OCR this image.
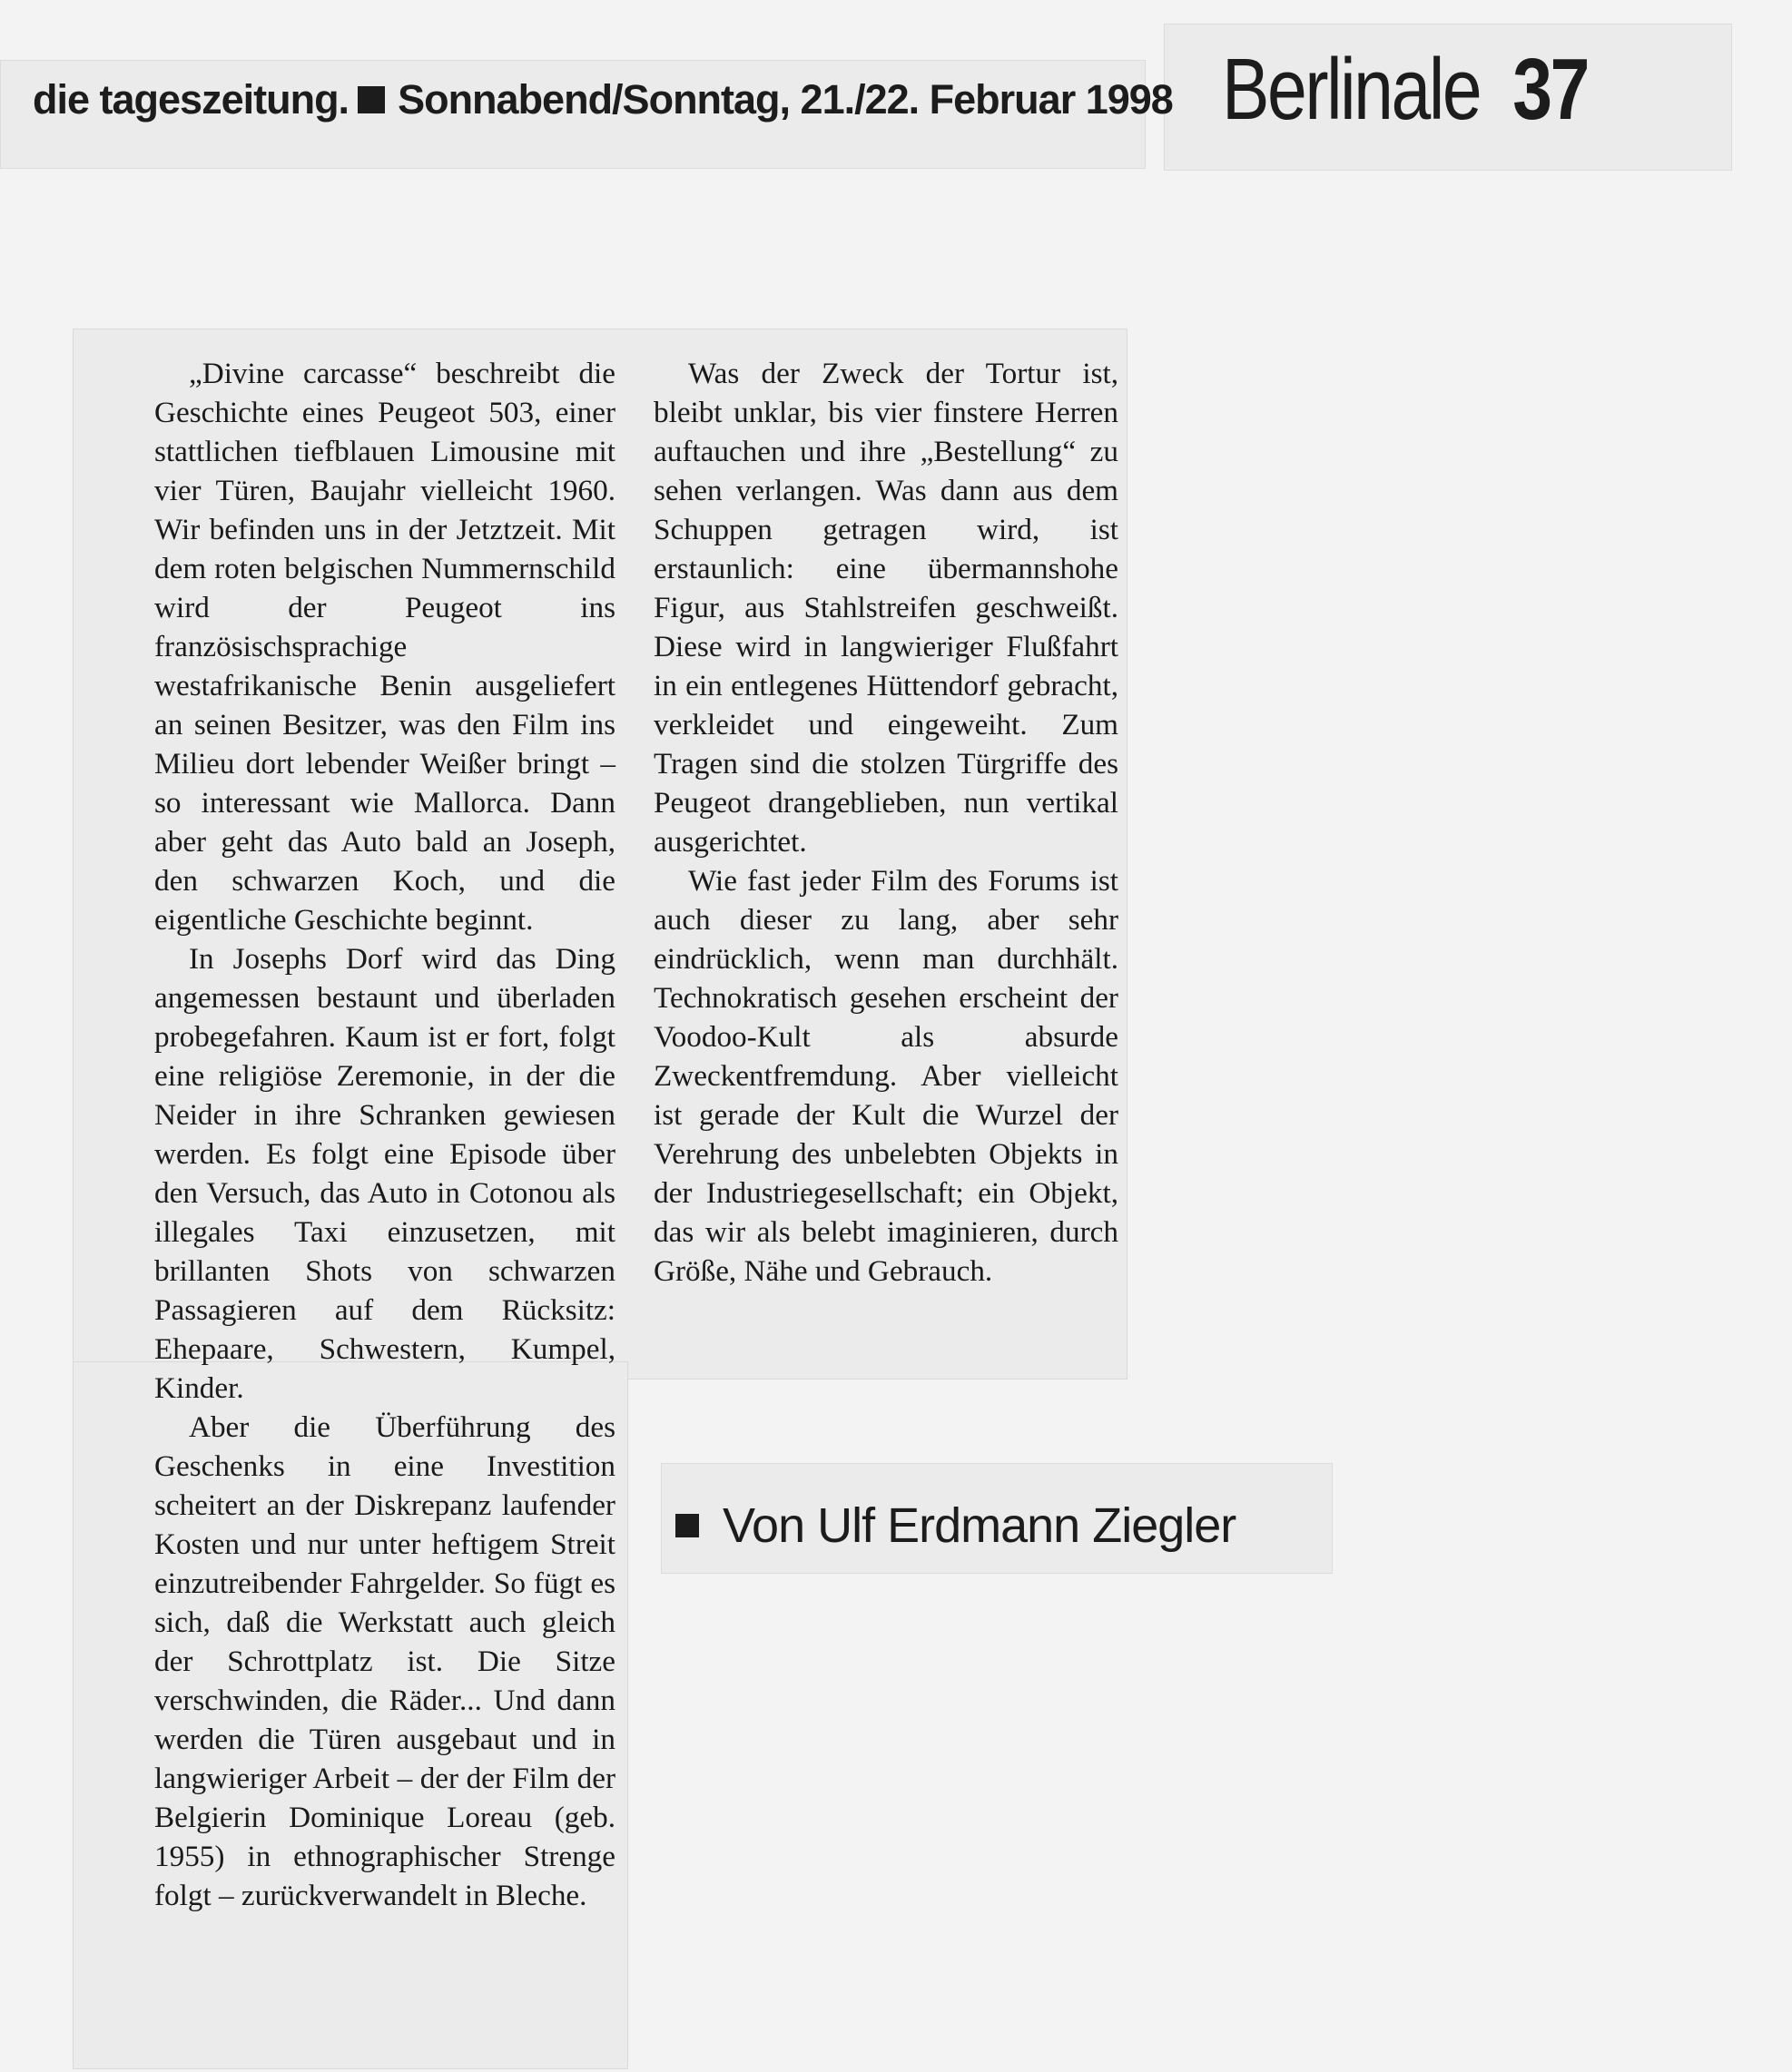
die tageszeitung. Sonnabend/Sonntag, 21./22. Februar 1998 Berlinale 37

„Divine carcasse“ beschreibt die Geschichte eines Peugeot 503, einer stattlichen tiefblauen Limousine mit vier Türen, Baujahr vielleicht 1960. Wir befinden uns in der Jetztzeit. Mit dem roten belgischen Nummernschild wird der Peugeot ins französischsprachige westafrikanische Benin ausgeliefert an seinen Besitzer, was den Film ins Milieu dort lebender Weißer bringt – so interessant wie Mallorca. Dann aber geht das Auto bald an Joseph, den schwarzen Koch, und die eigentliche Geschichte beginnt.

In Josephs Dorf wird das Ding angemessen bestaunt und überladen probegefahren. Kaum ist er fort, folgt eine religiöse Zeremonie, in der die Neider in ihre Schranken gewiesen werden. Es folgt eine Episode über den Versuch, das Auto in Cotonou als illegales Taxi einzusetzen, mit brillanten Shots von schwarzen Passagieren auf dem Rücksitz: Ehepaare, Schwestern, Kumpel, Kinder.

Aber die Überführung des Geschenks in eine Investition scheitert an der Diskrepanz laufender Kosten und nur unter heftigem Streit einzutreibender Fahrgelder. So fügt es sich, daß die Werkstatt auch gleich der Schrottplatz ist. Die Sitze verschwinden, die Räder... Und dann werden die Türen ausgebaut und in langwieriger Arbeit – der der Film der Belgierin Dominique Loreau (geb. 1955) in ethnographischer Strenge folgt – zurückverwandelt in Bleche.

Was der Zweck der Tortur ist, bleibt unklar, bis vier finstere Herren auftauchen und ihre „Bestellung“ zu sehen verlangen. Was dann aus dem Schuppen getragen wird, ist erstaunlich: eine übermannshohe Figur, aus Stahlstreifen geschweißt. Diese wird in langwieriger Flußfahrt in ein entlegenes Hüttendorf gebracht, verkleidet und eingeweiht. Zum Tragen sind die stolzen Türgriffe des Peugeot drangeblieben, nun vertikal ausgerichtet.

Wie fast jeder Film des Forums ist auch dieser zu lang, aber sehr eindrücklich, wenn man durchhält. Technokratisch gesehen erscheint der Voodoo-Kult als absurde Zweckentfremdung. Aber vielleicht ist gerade der Kult die Wurzel der Verehrung des unbelebten Objekts in der Industriegesellschaft; ein Objekt, das wir als belebt imaginieren, durch Größe, Nähe und Gebrauch.

Von Ulf Erdmann Ziegler
